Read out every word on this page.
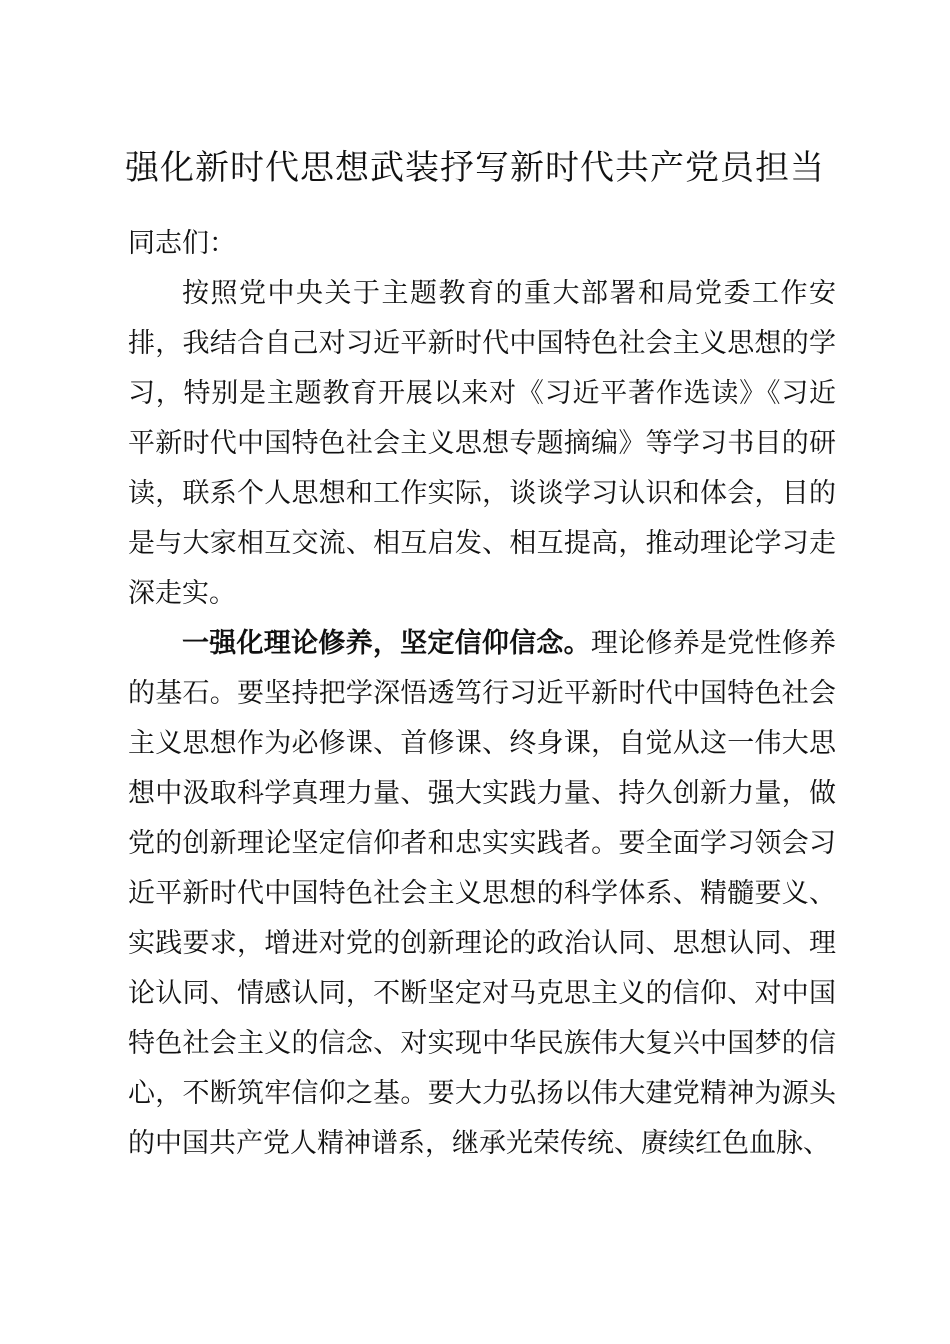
强化新时代思想武装抒写新时代共产党员担当

同志们：

按照党中央关于主题教育的重大部署和局党委工作安排，我结合自己对习近平新时代中国特色社会主义思想的学习，特别是主题教育开展以来对《习近平著作选读》《习近平新时代中国特色社会主义思想专题摘编》等学习书目的研读，联系个人思想和工作实际，谈谈学习认识和体会，目的是与大家相互交流、相互启发、相互提高，推动理论学习走深走实。

一强化理论修养，坚定信仰信念。理论修养是党性修养的基石。要坚持把学深悟透笃行习近平新时代中国特色社会主义思想作为必修课、首修课、终身课，自觉从这一伟大思想中汲取科学真理力量、强大实践力量、持久创新力量，做党的创新理论坚定信仰者和忠实实践者。要全面学习领会习近平新时代中国特色社会主义思想的科学体系、精髓要义、实践要求，增进对党的创新理论的政治认同、思想认同、理论认同、情感认同，不断坚定对马克思主义的信仰、对中国特色社会主义的信念、对实现中华民族伟大复兴中国梦的信心，不断筑牢信仰之基。要大力弘扬以伟大建党精神为源头的中国共产党人精神谱系，继承光荣传统、赓续红色血脉、
